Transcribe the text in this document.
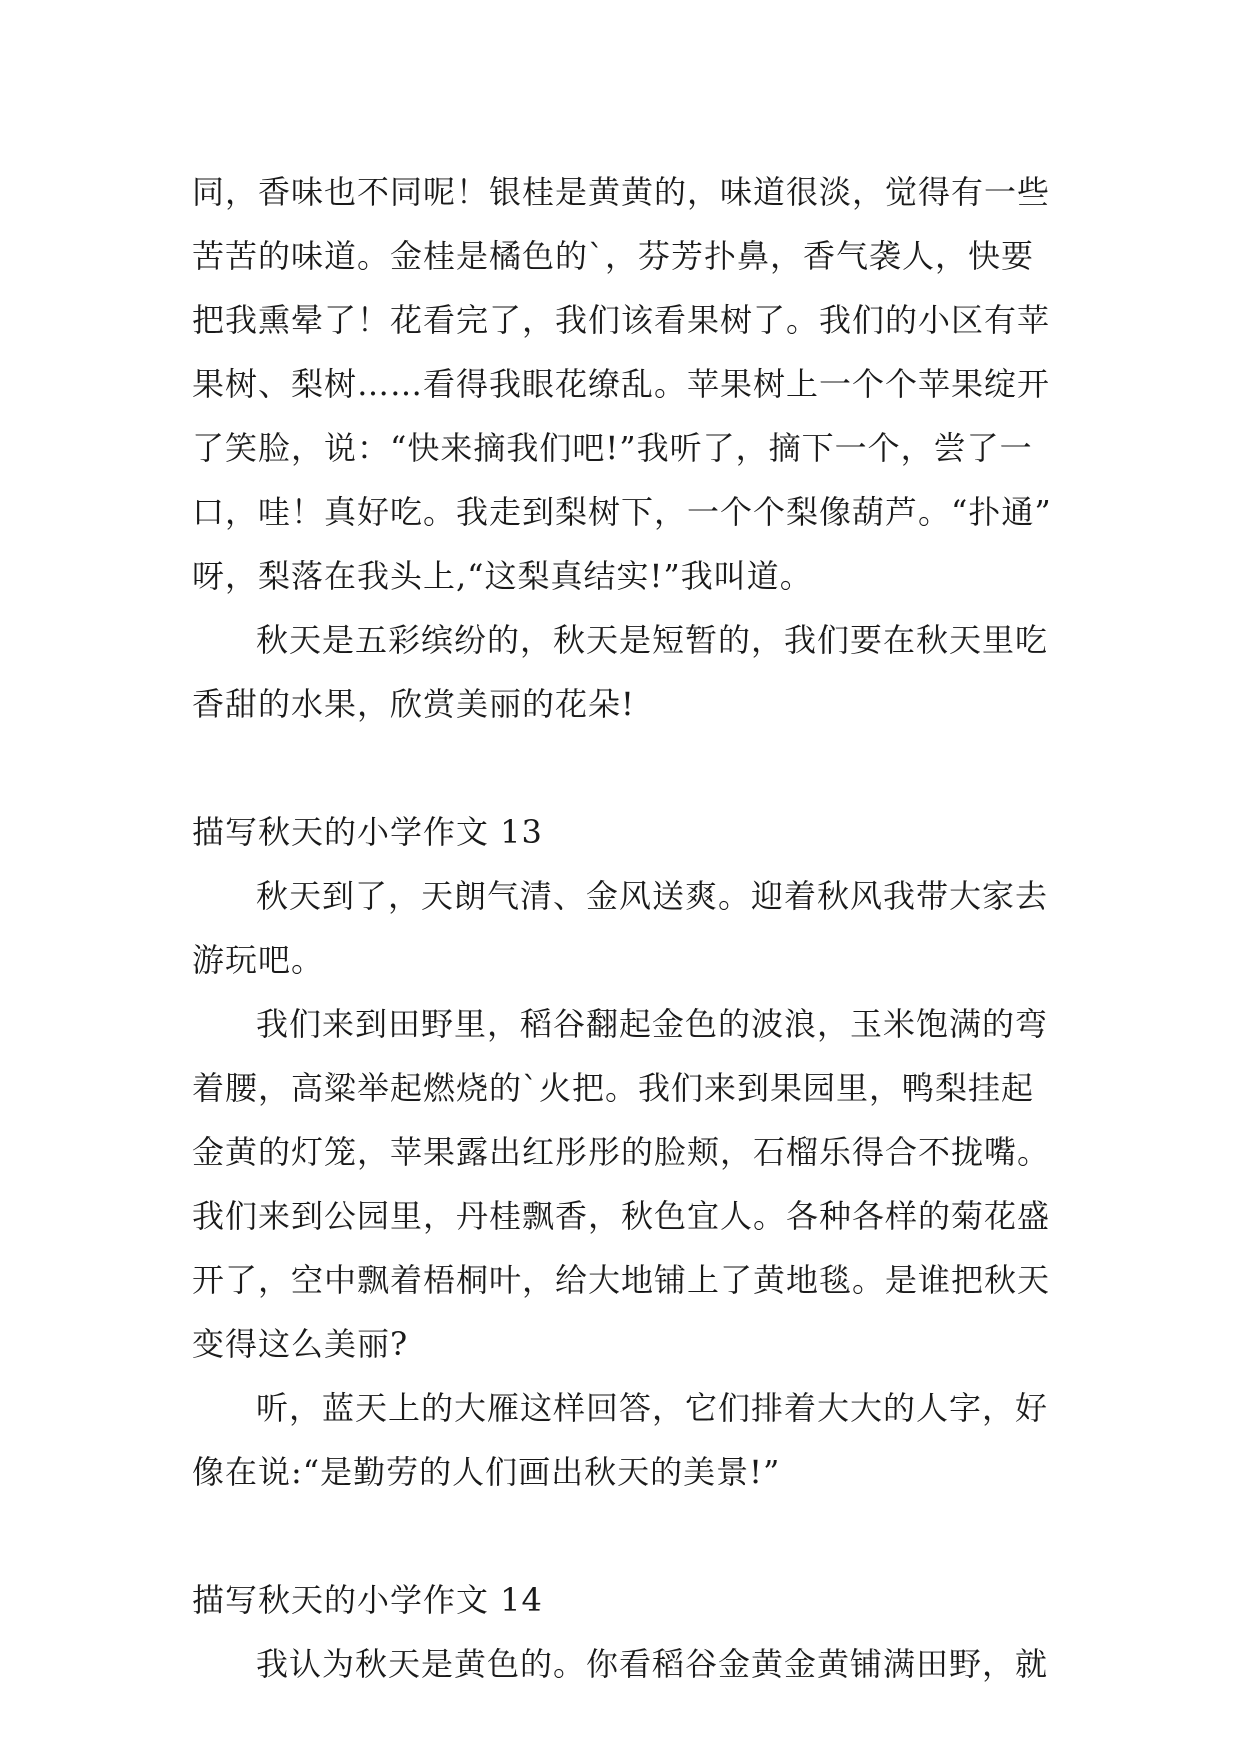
同，香味也不同呢！银桂是黄黄的，味道很淡，觉得有一些
苦苦的味道。金桂是橘色的`，芬芳扑鼻，香气袭人，快要
把我熏晕了！花看完了，我们该看果树了。我们的小区有苹
果树、梨树……看得我眼花缭乱。苹果树上一个个苹果绽开
了笑脸，说：“快来摘我们吧!”我听了，摘下一个，尝了一
口，哇！真好吃。我走到梨树下，一个个梨像葫芦。“扑通”
呀，梨落在我头上,“这梨真结实!”我叫道。
秋天是五彩缤纷的，秋天是短暂的，我们要在秋天里吃
香甜的水果，欣赏美丽的花朵!
描写秋天的小学作文 13
秋天到了，天朗气清、金风送爽。迎着秋风我带大家去
游玩吧。
我们来到田野里，稻谷翻起金色的波浪，玉米饱满的弯
着腰，高粱举起燃烧的`火把。我们来到果园里，鸭梨挂起
金黄的灯笼，苹果露出红彤彤的脸颊，石榴乐得合不拢嘴。
我们来到公园里，丹桂飘香，秋色宜人。各种各样的菊花盛
开了，空中飘着梧桐叶，给大地铺上了黄地毯。是谁把秋天
变得这么美丽?
听，蓝天上的大雁这样回答，它们排着大大的人字，好
像在说:“是勤劳的人们画出秋天的美景!”
描写秋天的小学作文 14
我认为秋天是黄色的。你看稻谷金黄金黄铺满田野，就
